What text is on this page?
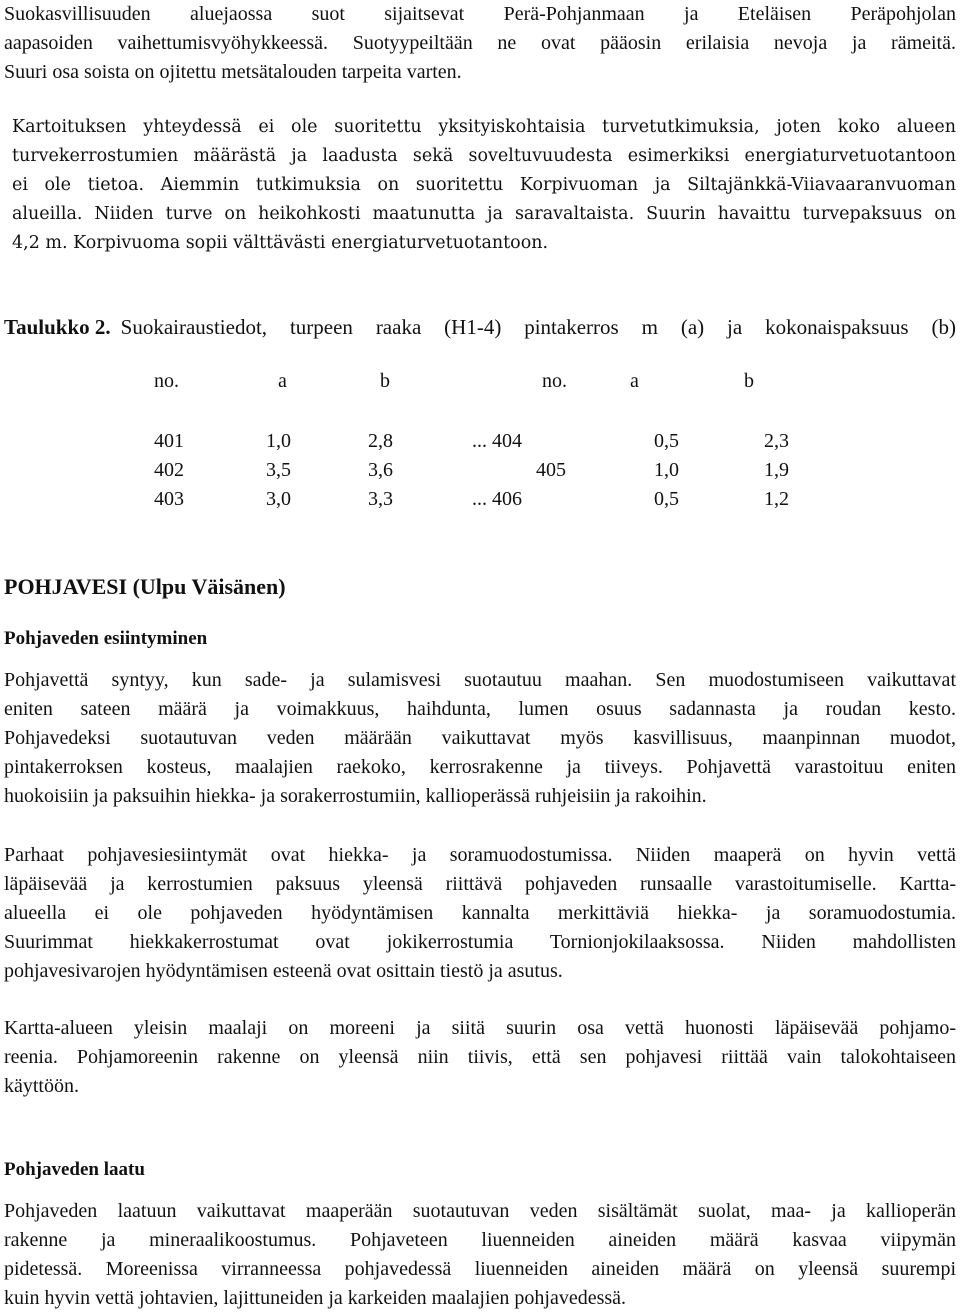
Suokasvillisuuden aluejaossa suot sijaitsevat Perä-Pohjanmaan ja Eteläisen Peräpohjolan
aapasoiden vaihettumisvyöhykkeessä. Suotyypeiltään ne ovat pääosin erilaisia nevoja ja rämeitä.
Suuri osa soista on ojitettu metsätalouden tarpeita varten.
Kartoituksen yhteydessä ei ole suoritettu yksityiskohtaisia turvetutkimuksia, joten koko alueen
turvekerrostumien määrästä ja laadusta sekä soveltuvuudesta esimerkiksi energiaturvetuotantoon
ei ole tietoa. Aiemmin tutkimuksia on suoritettu Korpivuoman ja Siltajänkkä-Viiavaaranvuoman
alueilla. Niiden turve on heikohkosti maatunutta ja saravaltaista. Suurin havaittu turvepaksuus on
4,2 m. Korpivuoma sopii välttävästi energiaturvetuotantoon.
Taulukko 2. Suokairaustiedot, turpeen raaka (H1-4) pintakerros m (a) ja kokonaispaksuus (b)
no.	a	b	no.	a	b
401	1,0	2,8	... 404	0,5	2,3
402	3,5	3,6	405	1,0	1,9
403	3,0	3,3	... 406	0,5	1,2
POHJAVESI (Ulpu Väisänen)
Pohjaveden esiintyminen
Pohjavettä syntyy, kun sade- ja sulamisvesi suotautuu maahan. Sen muodostumiseen vaikuttavat
eniten sateen määrä ja voimakkuus, haihdunta, lumen osuus sadannasta ja roudan kesto.
Pohjavedeksi suotautuvan veden määrään vaikuttavat myös kasvillisuus, maanpinnan muodot,
pintakerroksen kosteus, maalajien raekoko, kerrosrakenne ja tiiveys. Pohjavettä varastoituu eniten
huokoisiin ja paksuihin hiekka- ja sorakerrostumiin, kallioperässä ruhjeisiin ja rakoihin.
Parhaat pohjavesiesiintymät ovat hiekka- ja soramuodostumissa. Niiden maaperä on hyvin vettä
läpäisevää ja kerrostumien paksuus yleensä riittävä pohjaveden runsaalle varastoitumiselle. Kartta-
alueella ei ole pohjaveden hyödyntämisen kannalta merkittäviä hiekka- ja soramuodostumia.
Suurimmat hiekkakerrostumat ovat jokikerrostumia Tornionjokilaaksossa. Niiden mahdollisten
pohjavesivarojen hyödyntämisen esteenä ovat osittain tiestö ja asutus.
Kartta-alueen yleisin maalaji on moreeni ja siitä suurin osa vettä huonosti läpäisevää pohjamo-
reenia. Pohjamoreenin rakenne on yleensä niin tiivis, että sen pohjavesi riittää vain talokohtaiseen
käyttöön.
Pohjaveden laatu
Pohjaveden laatuun vaikuttavat maaperään suotautuvan veden sisältämät suolat, maa- ja kallioperän
rakenne ja mineraalikoostumus. Pohjaveteen liuenneiden aineiden määrä kasvaa viipymän
pidetessä. Moreenissa virranneessa pohjavedessä liuenneiden aineiden määrä on yleensä suurempi
kuin hyvin vettä johtavien, lajittuneiden ja karkeiden maalajien pohjavedessä.
